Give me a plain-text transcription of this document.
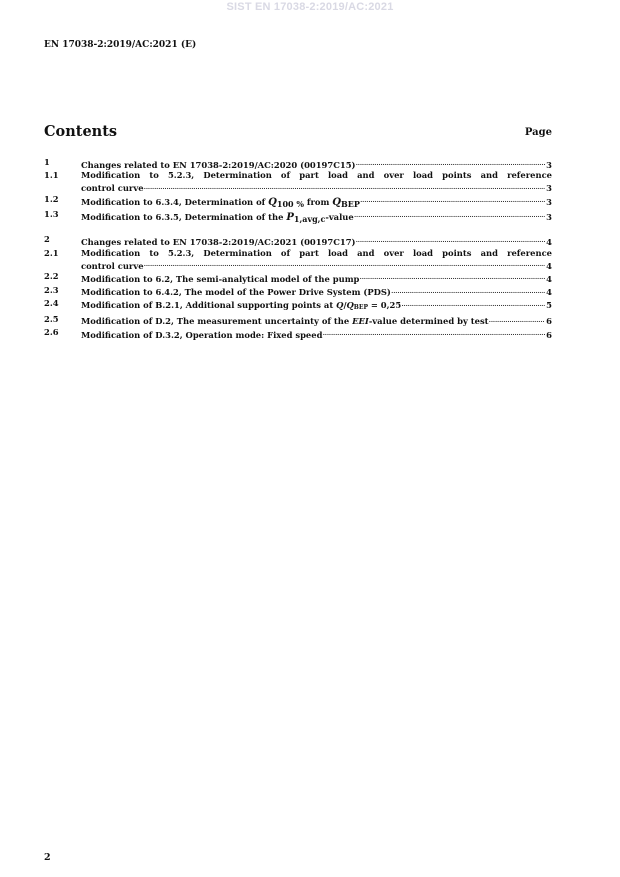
SIST EN 17038-2:2019/AC:2021
EN 17038-2:2019/AC:2021 (E)
Contents	Page
1	Changes related to EN 17038-2:2019/AC:2020 (00197C15) .....	3
1.1	Modification to 5.2.3, Determination of part load and over load points and reference
control curve .....	3
1.2	Modification to 6.3.4, Determination of $Q_{100 \%}$ from $Q_{BEP}$ .....	3
1.3	Modification to 6.3.5, Determination of the $P_{1,avg,c}$-value .....	3
2	Changes related to EN 17038-2:2019/AC:2021 (00197C17) .....	4
2.1	Modification to 5.2.3, Determination of part load and over load points and reference
control curve .....	4
2.2	Modification to 6.2, The semi-analytical model of the pump .....	4
2.3	Modification to 6.4.2, The model of the Power Drive System (PDS) .....	4
2.4	Modification of B.2.1, Additional supporting points at $Q/Q_{BEP} = 0,25$ .....	5
2.5	Modification of D.2, The measurement uncertainty of the EEI-value determined by test .....	6
2.6	Modification of D.3.2, Operation mode: Fixed speed .....	6
2
